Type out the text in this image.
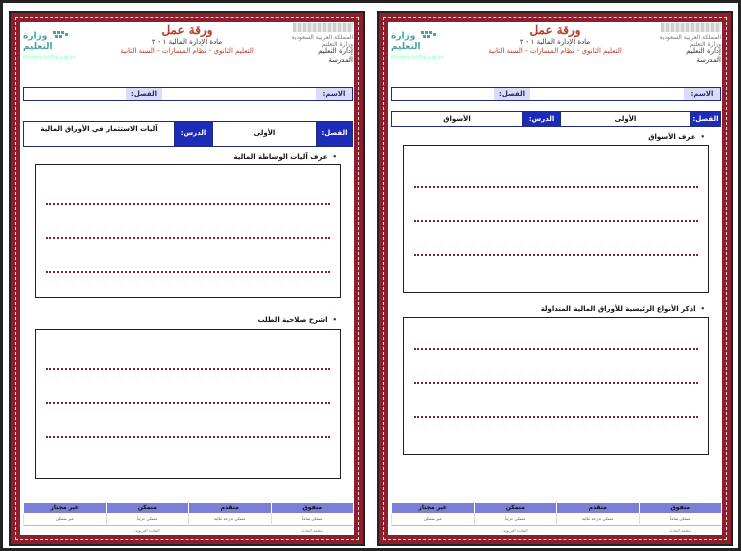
المملكة العربية السعودية
وزارة التعليم
إدارة التعليم
المدرسة
ورقة عمل
مادة الإدارة المالية ١ - ٢
التعليم الثانوي - نظام المسارات - السنة الثانية
وزارة التعليم
Ministry of Education
الاسم:
الفصل:
الفصل:
الأولى
الدرس:
آليات الاستثمار في الأوراق المالية
•عرف آليات الوساطة المالية
•اشرح صلاحية الطلب
متفوق
متقدم
متمكن
غير مجتاز
متمكن تماماً
متمكن بدرجة عالية
متمكن جزئياً
غير متمكن
معلمة المادة:
القائدة التربوية:
المملكة العربية السعودية
وزارة التعليم
إدارة التعليم
المدرسة
ورقة عمل
مادة الإدارة المالية ١ - ٢
التعليم الثانوي - نظام المسارات - السنة الثانية
وزارة التعليم
Ministry of Education
الاسم:
الفصل:
الفصل:
الأولى
الدرس:
الأسواق
•عرف الأسواق
•اذكر الأنواع الرئيسية للأوراق المالية المتداولة
متفوق
متقدم
متمكن
غير مجتاز
متمكن تماماً
متمكن بدرجة عالية
متمكن جزئياً
غير متمكن
معلمة المادة:
القائدة التربوية:
